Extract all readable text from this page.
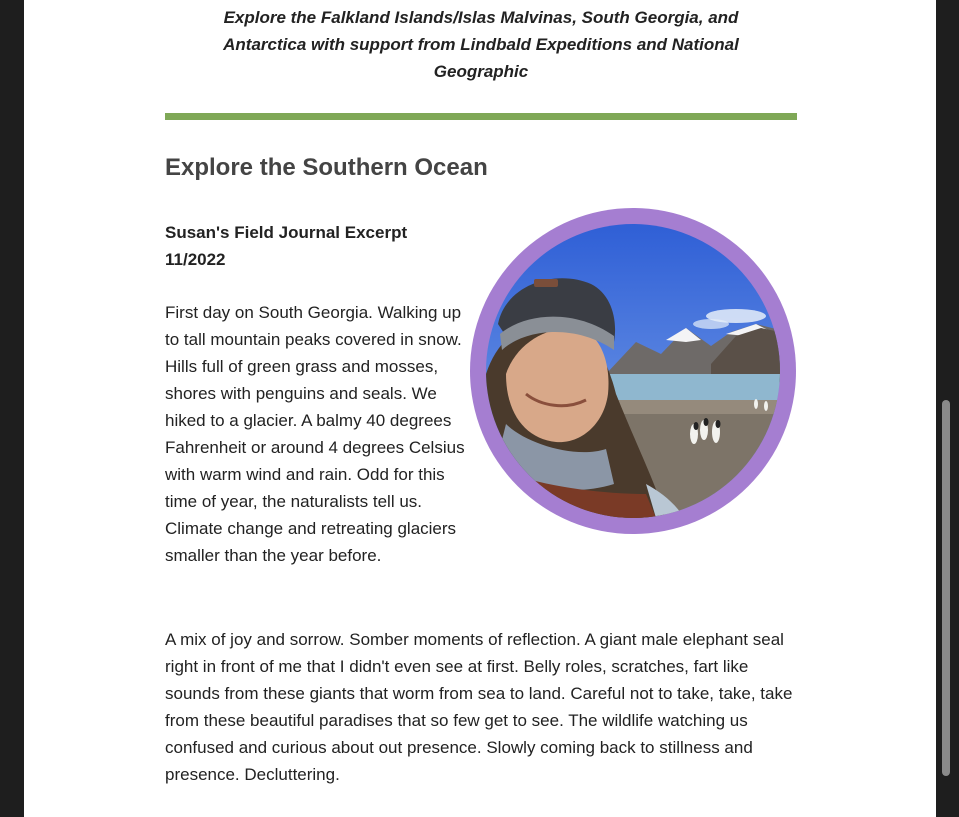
Explore the Falkland Islands/Islas Malvinas, South Georgia, and Antarctica with support from Lindbald Expeditions and National Geographic
Explore the Southern Ocean
Susan's Field Journal Excerpt
11/2022
First day on South Georgia. Walking up to tall mountain peaks covered in snow. Hills full of green grass and mosses, shores with penguins and seals. We hiked to a glacier. A balmy 40 degrees Fahrenheit or around 4 degrees Celsius with warm wind and rain. Odd for this time of year, the naturalists tell us. Climate change and retreating glaciers smaller than the year before.
A mix of joy and sorrow. Somber moments of reflection. A giant male elephant seal right in front of me that I didn't even see at first. Belly roles, scratches, fart like sounds from these giants that worm from sea to land. Careful not to take, take, take from these beautiful paradises that so few get to see. The wildlife watching us confused and curious about out presence. Slowly coming back to stillness and presence. Decluttering.
